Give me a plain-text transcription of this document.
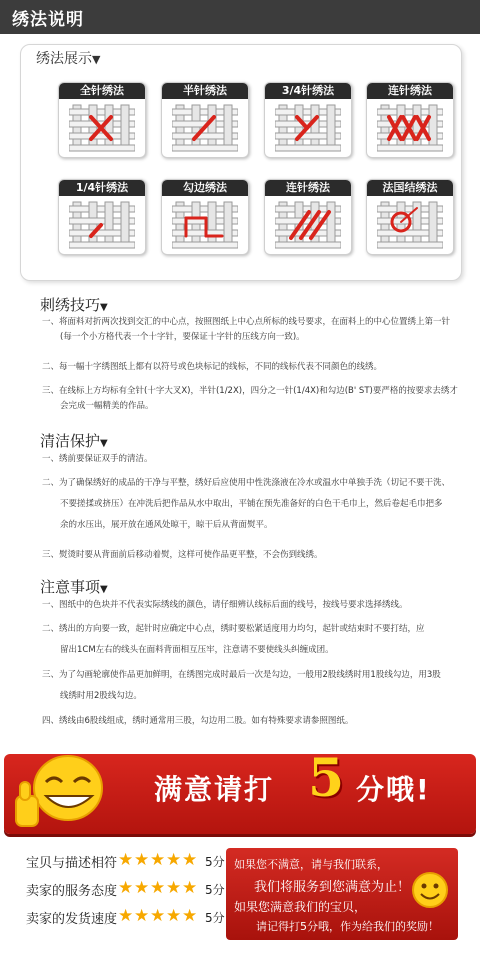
绣法说明
绣法展示▼
全针绣法	半针绣法	3/4针绣法	连针绣法
1/4针绣法	勾边绣法	连针绣法	法国结绣法
刺绣技巧▼
一、将面料对折两次找到交汇的中心点，按照图纸上中心点所标的线号要求，在面料上的中心位置绣上第一针
(每一个小方格代表一个十字针，要保证十字针的压线方向一致)。
二、每一幅十字绣图纸上都有以符号或色块标记的线标，不同的线标代表不同颜色的线绣。
三、在线标上方均标有全针(十字大叉X)，半针(1/2X)，四分之一针(1/4X)和勾边(B' ST)要严格的按要求去绣才
会完成一幅精美的作品。
清洁保护▼
一、绣前要保证双手的清洁。
二、为了确保绣好的成品的干净与平整，绣好后应使用中性洗涤液在冷水或温水中单独手洗（切记不要干洗、
不要搓揉或挤压）在冲洗后把作品从水中取出，平铺在预先准备好的白色干毛巾上，然后卷起毛巾把多
余的水压出，展开放在通风处晾干，晾干后从背面熨平。
三、熨烫时要从背面前后移动着熨，这样可使作品更平整，不会伤到线绣。
注意事项▼
一、图纸中的色块并不代表实际绣线的颜色，请仔细辨认线标后面的线号，按线号要求选择绣线。
二、绣出的方向要一致，起针时应确定中心点，绣时要松紧适度用力均匀，起针或结束时不要打结，应
留出1CM左右的线头在面料背面相互压牢，注意请不要使线头纠缠成团。
三、为了勾画轮廓使作品更加鲜明，在绣图完成时最后一次是勾边，一般用2股线绣时用1股线勾边，用3股
线绣时用2股线勾边。
四、绣线由6股线组成，绣时通常用三股，勾边用二股。如有特殊要求请参照图纸。
满意请打 5 分哦!
宝贝与描述相符 ★ ★ ★ ★ ★ 5分
卖家的服务态度 ★ ★ ★ ★ ★ 5分
卖家的发货速度 ★ ★ ★ ★ ★ 5分
如果您不满意，请与我们联系，
我们将服务到您满意为止！
如果您满意我们的宝贝，
请记得打5分哦，作为给我们的奖励！
